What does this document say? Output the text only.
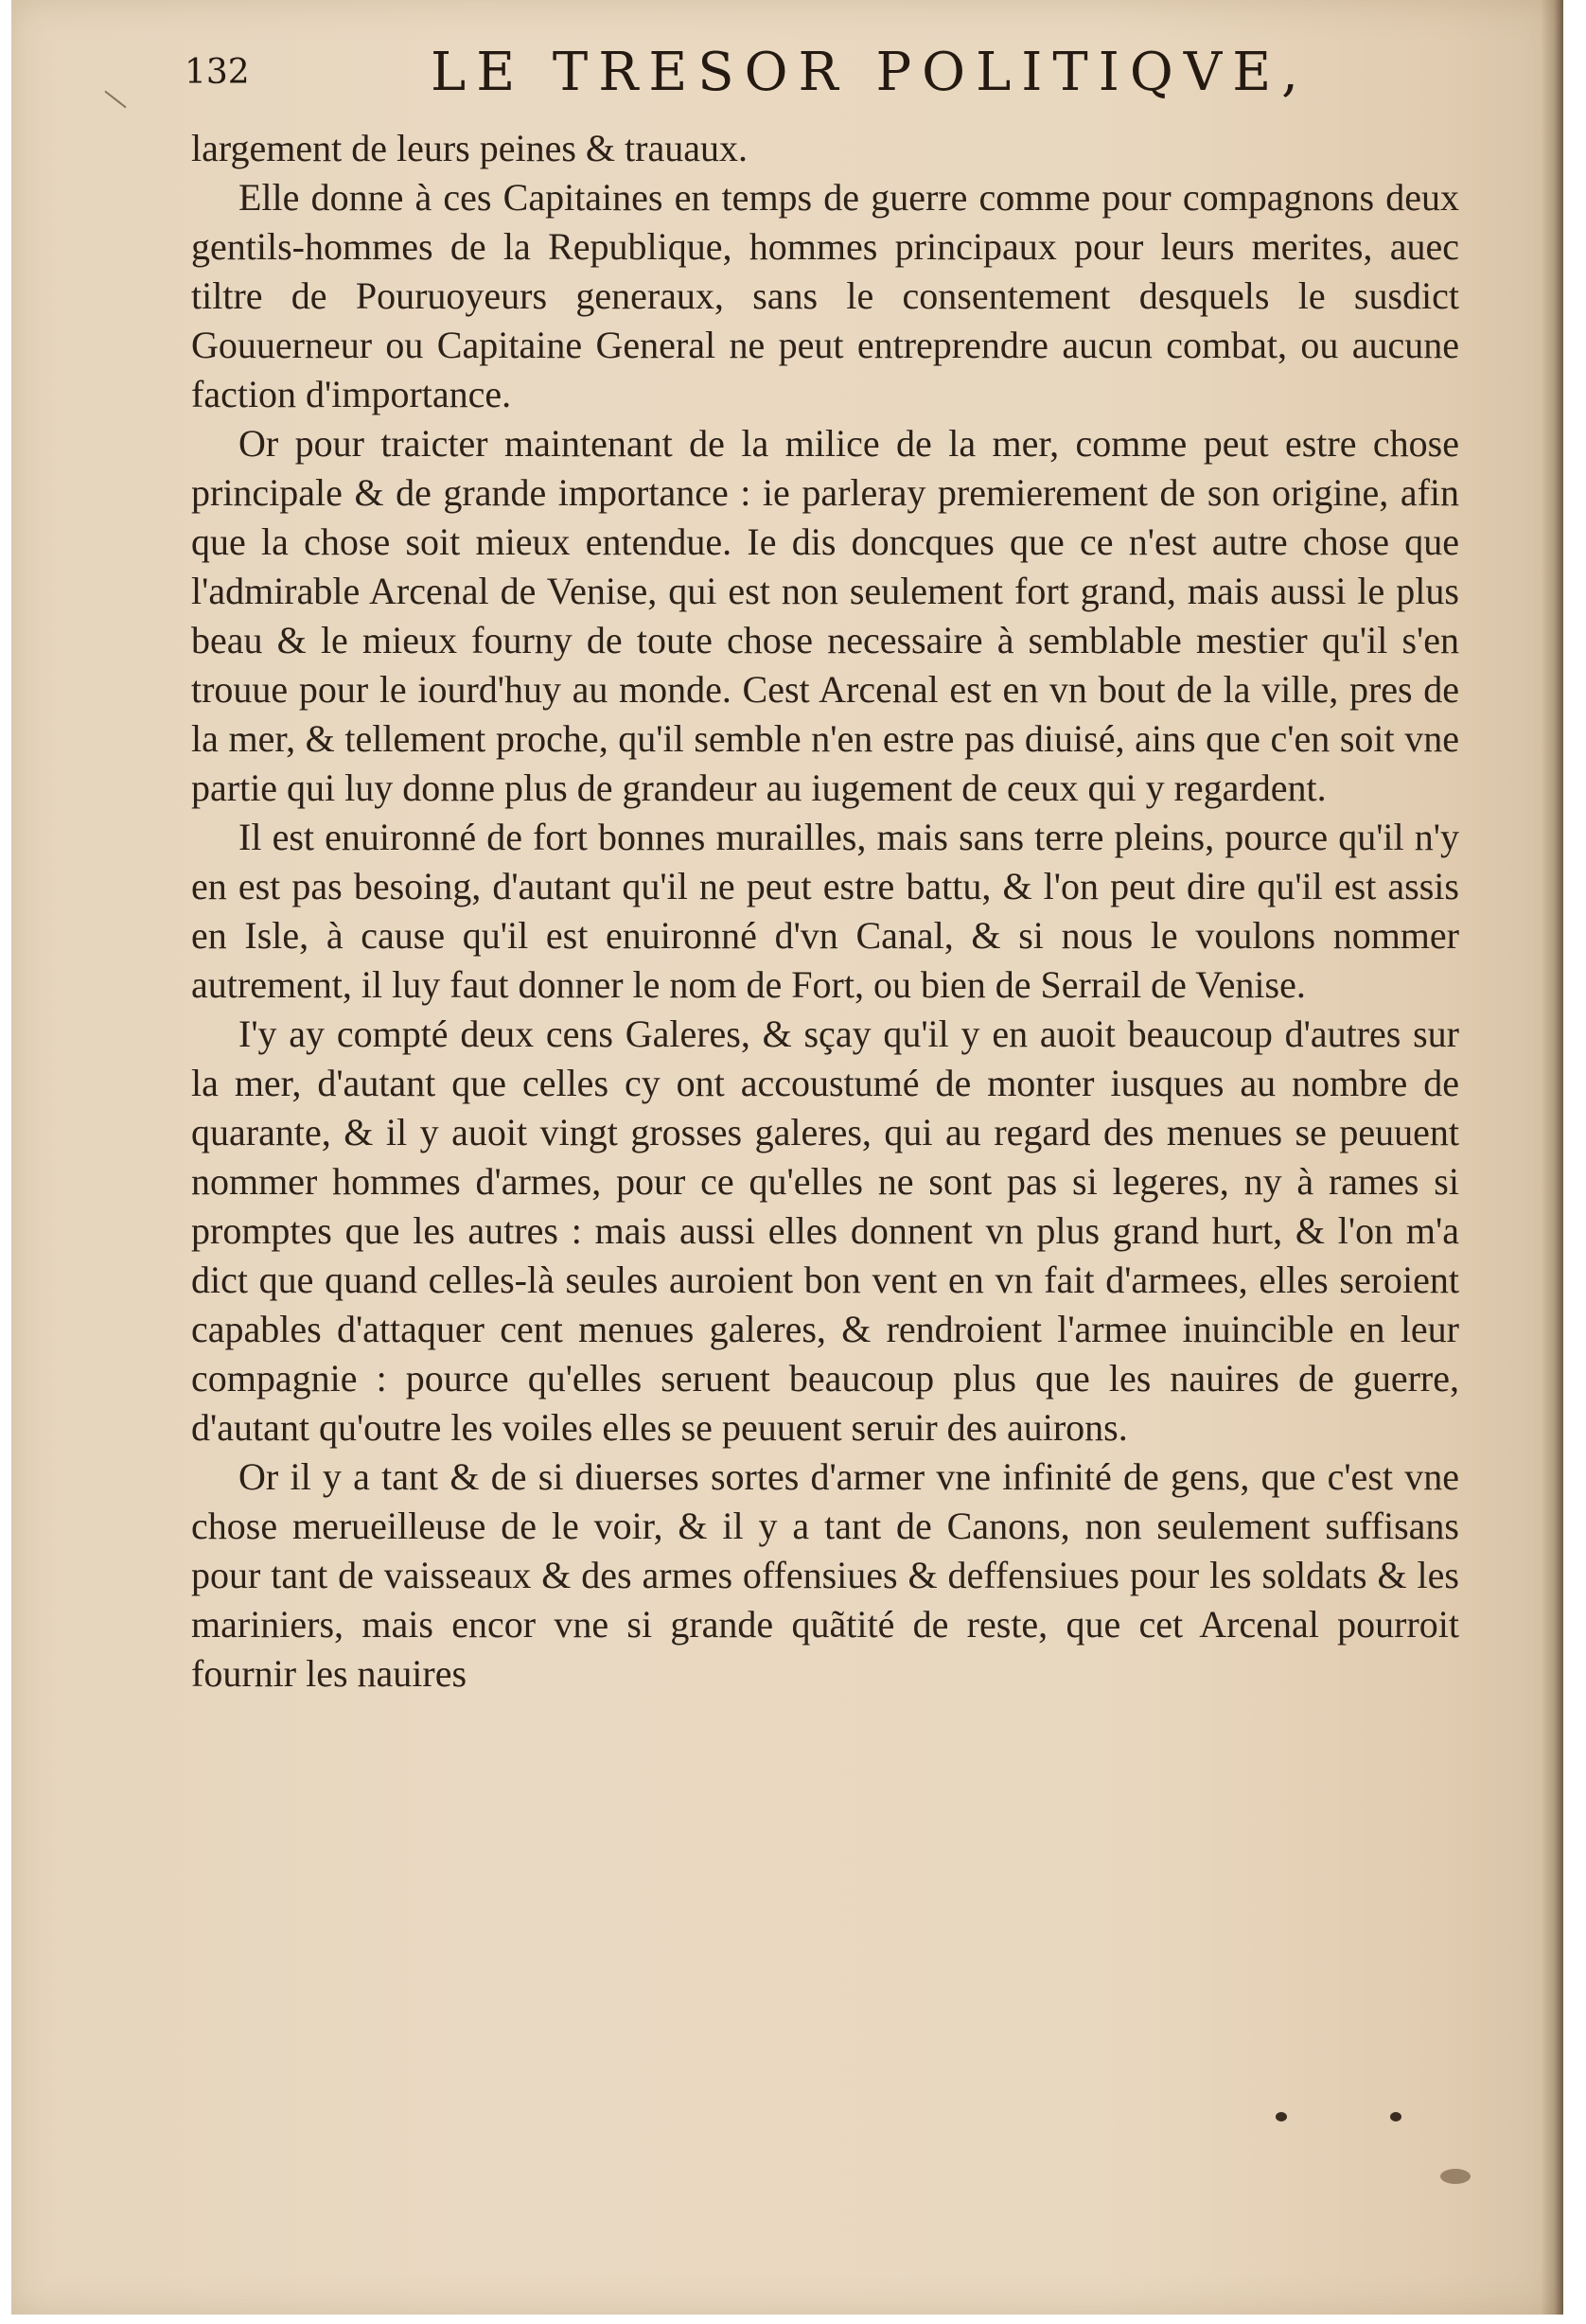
132	LE TRESOR POLITIQVE,

largement de leurs peines & trauaux.

Elle donne à ces Capitaines en temps de guerre comme pour compagnons deux gentils-hommes de la Republique, hommes principaux pour leurs merites, auec tiltre de Pouruoyeurs generaux, sans le consentement desquels le susdict Gouuerneur ou Capitaine General ne peut entreprendre aucun combat, ou aucune faction d'importance.

Or pour traicter maintenant de la milice de la mer, comme peut estre chose principale & de grande importance : ie parleray premierement de son origine, afin que la chose soit mieux entendue. Ie dis doncques que ce n'est autre chose que l'admirable Arcenal de Venise, qui est non seulement fort grand, mais aussi le plus beau & le mieux fourny de toute chose necessaire à semblable mestier qu'il s'en trouue pour le iourd'huy au monde. Cest Arcenal est en vn bout de la ville, pres de la mer, & tellement proche, qu'il semble n'en estre pas diuisé, ains que c'en soit vne partie qui luy donne plus de grandeur au iugement de ceux qui y regardent.

Il est enuironné de fort bonnes murailles, mais sans terre pleins, pource qu'il n'y en est pas besoing, d'autant qu'il ne peut estre battu, & l'on peut dire qu'il est assis en Isle, à cause qu'il est enuironné d'vn Canal, & si nous le voulons nommer autrement, il luy faut donner le nom de Fort, ou bien de Serrail de Venise.

I'y ay compté deux cens Galeres, & sçay qu'il y en auoit beaucoup d'autres sur la mer, d'autant que celles cy ont accoustumé de monter iusques au nombre de quarante, & il y auoit vingt grosses galeres, qui au regard des menues se peuuent nommer hommes d'armes, pour ce qu'elles ne sont pas si legeres, ny à rames si promptes que les autres : mais aussi elles donnent vn plus grand hurt, & l'on m'a dict que quand celles-là seules auroient bon vent en vn fait d'armees, elles seroient capables d'attaquer cent menues galeres, & rendroient l'armee inuincible en leur compagnie : pource qu'elles seruent beaucoup plus que les nauires de guerre, d'autant qu'outre les voiles elles se peuuent seruir des auirons.

Or il y a tant & de si diuerses sortes d'armer vne infinité de gens, que c'est vne chose merueilleuse de le voir, & il y a tant de Canons, non seulement suffisans pour tant de vaisseaux & des armes offensiues & deffensiues pour les soldats & les mariniers, mais encor vne si grande quãtité de reste, que cet Arcenal pourroit fournir les nauires
